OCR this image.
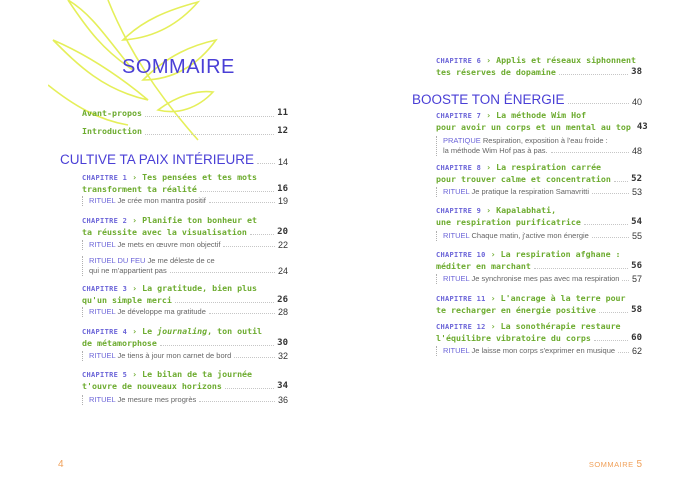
SOMMAIRE
Avant-propos	11
Introduction	12
CULTIVE TA PAIX INTÉRIEURE	14
CHAPITRE 1 › Tes pensées et tes mots
transforment ta réalité	16
RITUEL Je crée mon mantra positif	19
CHAPITRE 2 › Planifie ton bonheur et
ta réussite avec la visualisation	20
RITUEL Je mets en œuvre mon objectif	22
RITUEL DU FEU Je me déleste de ce
qui ne m'appartient pas	24
CHAPITRE 3 › La gratitude, bien plus
qu'un simple merci	26
RITUEL Je développe ma gratitude	28
CHAPITRE 4 › Le journaling, ton outil
de métamorphose	30
RITUEL Je tiens à jour mon carnet de bord	32
CHAPITRE 5 › Le bilan de ta journée
t'ouvre de nouveaux horizons	34
RITUEL Je mesure mes progrès	36
CHAPITRE 6 › Applis et réseaux siphonnent
tes réserves de dopamine	38
BOOSTE TON ÉNERGIE	40
CHAPITRE 7 › La méthode Wim Hof
pour avoir un corps et un mental au top 43
PRATIQUE Respiration, exposition à l'eau froide :
la méthode Wim Hof pas à pas.	48
CHAPITRE 8 › La respiration carrée
pour trouver calme et concentration 52
RITUEL Je pratique la respiration Samavritti	53
CHAPITRE 9 › Kapalabhati,
une respiration purificatrice	54
RITUEL Chaque matin, j'active mon énergie	55
CHAPITRE 10 › La respiration afghane :
méditer en marchant	56
RITUEL Je synchronise mes pas avec ma respiration 57
CHAPITRE 11 › L'ancrage à la terre pour
te recharger en énergie positive	58
CHAPITRE 12 › La sonothérapie restaure
l'équilibre vibratoire du corps	60
RITUEL Je laisse mon corps s'exprimer en musique 62
4	SOMMAIRE 5
